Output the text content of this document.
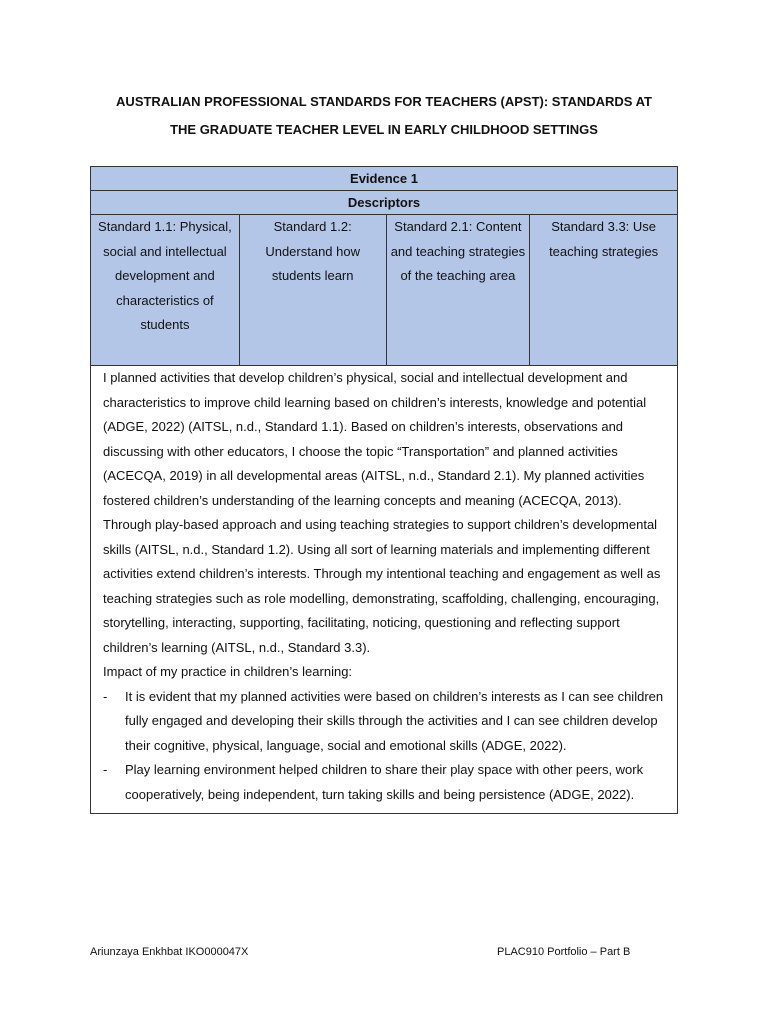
AUSTRALIAN PROFESSIONAL STANDARDS FOR TEACHERS (APST): STANDARDS AT
THE GRADUATE TEACHER LEVEL IN EARLY CHILDHOOD SETTINGS
Evidence 1
Descriptors
Standard 1.1: Physical, social and intellectual development and characteristics of students	Standard 1.2: Understand how students learn	Standard 2.1: Content and teaching strategies of the teaching area	Standard 3.3: Use teaching strategies

I planned activities that develop children’s physical, social and intellectual development and characteristics to improve child learning based on children’s interests, knowledge and potential (ADGE, 2022) (AITSL, n.d., Standard 1.1). Based on children’s interests, observations and discussing with other educators, I choose the topic “Transportation” and planned activities (ACECQA, 2019) in all developmental areas (AITSL, n.d., Standard 2.1). My planned activities fostered children’s understanding of the learning concepts and meaning (ACECQA, 2013). Through play-based approach and using teaching strategies to support children’s developmental skills (AITSL, n.d., Standard 1.2). Using all sort of learning materials and implementing different activities extend children’s interests. Through my intentional teaching and engagement as well as teaching strategies such as role modelling, demonstrating, scaffolding, challenging, encouraging, storytelling, interacting, supporting, facilitating, noticing, questioning and reflecting support children’s learning (AITSL, n.d., Standard 3.3).

Impact of my practice in children’s learning:

-	It is evident that my planned activities were based on children’s interests as I can see children fully engaged and developing their skills through the activities and I can see children develop their cognitive, physical, language, social and emotional skills (ADGE, 2022).
-	Play learning environment helped children to share their play space with other peers, work cooperatively, being independent, turn taking skills and being persistence (ADGE, 2022).
Ariunzaya Enkhbat IKO000047X	PLAC910 Portfolio – Part B
